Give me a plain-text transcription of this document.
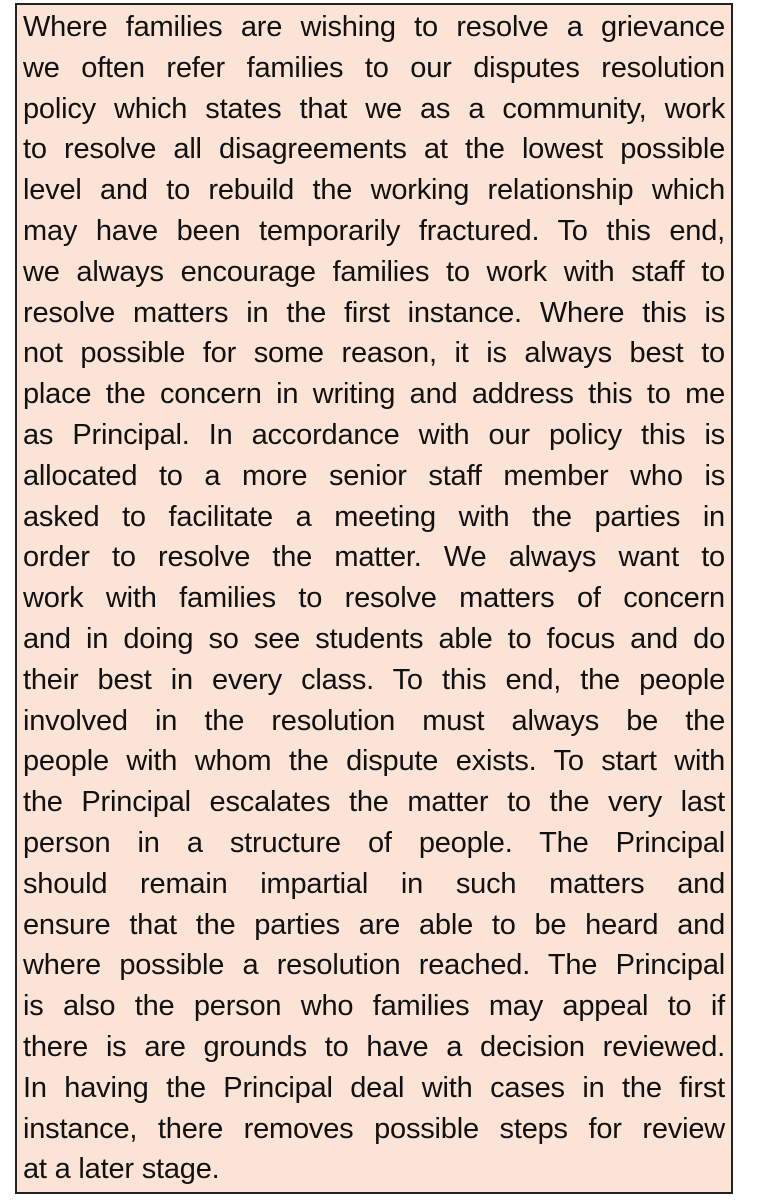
Where families are wishing to resolve a grievance
we often refer families to our disputes resolution
policy which states that we as a community, work
to resolve all disagreements at the lowest possible
level and to rebuild the working relationship which
may have been temporarily fractured. To this end,
we always encourage families to work with staff to
resolve matters in the first instance. Where this is
not possible for some reason, it is always best to
place the concern in writing and address this to me
as Principal. In accordance with our policy this is
allocated to a more senior staff member who is
asked to facilitate a meeting with the parties in
order to resolve the matter. We always want to
work with families to resolve matters of concern
and in doing so see students able to focus and do
their best in every class. To this end, the people
involved in the resolution must always be the
people with whom the dispute exists. To start with
the Principal escalates the matter to the very last
person in a structure of people. The Principal
should remain impartial in such matters and
ensure that the parties are able to be heard and
where possible a resolution reached. The Principal
is also the person who families may appeal to if
there is are grounds to have a decision reviewed.
In having the Principal deal with cases in the first
instance, there removes possible steps for review
at a later stage.
